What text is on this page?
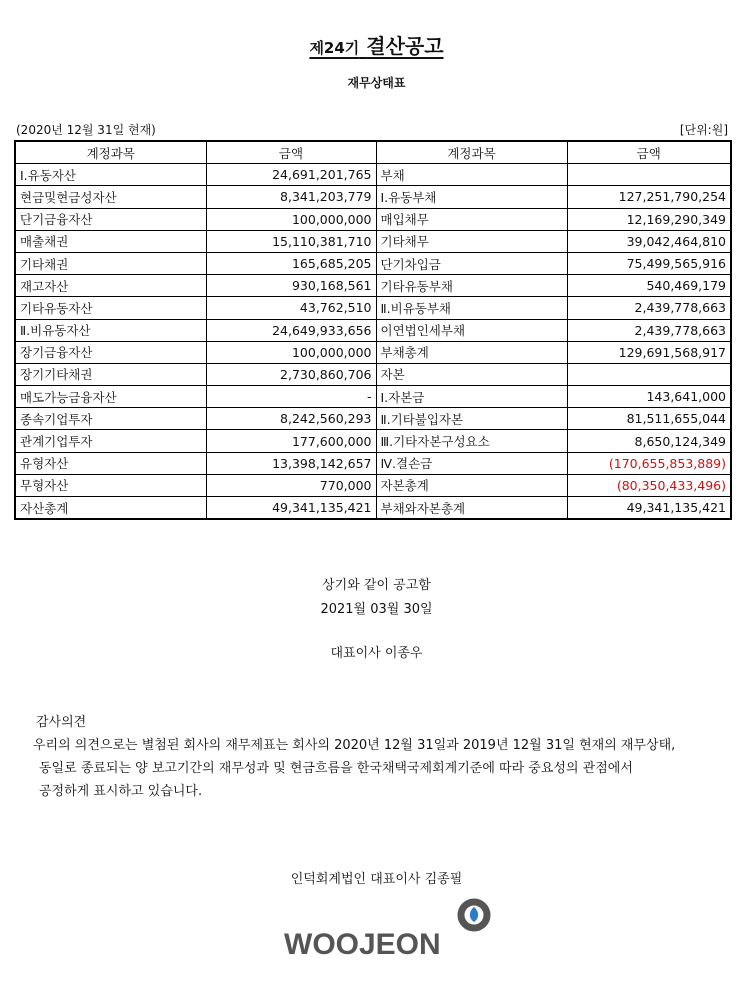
제24기 결산공고
재무상태표
(2020년 12월 31일 현재)	[단위:원]
계정과목	금액	계정과목	금액
Ⅰ.유동자산	24,691,201,765	부채	
현금및현금성자산	8,341,203,779	Ⅰ.유동부채	127,251,790,254
단기금융자산	100,000,000	매입채무	12,169,290,349
매출채권	15,110,381,710	기타채무	39,042,464,810
기타채권	165,685,205	단기차입금	75,499,565,916
재고자산	930,168,561	기타유동부채	540,469,179
기타유동자산	43,762,510	Ⅱ.비유동부채	2,439,778,663
Ⅱ.비유동자산	24,649,933,656	이연법인세부채	2,439,778,663
장기금융자산	100,000,000	부채총계	129,691,568,917
장기기타채권	2,730,860,706	자본	
매도가능금융자산	-	Ⅰ.자본금	143,641,000
종속기업투자	8,242,560,293	Ⅱ.기타불입자본	81,511,655,044
관계기업투자	177,600,000	Ⅲ.기타자본구성요소	8,650,124,349
유형자산	13,398,142,657	Ⅳ.결손금	(170,655,853,889)
무형자산	770,000	자본총계	(80,350,433,496)
자산총계	49,341,135,421	부채와자본총계	49,341,135,421
상기와 같이 공고함
2021월 03월 30일
대표이사 이종우
감사의견
우리의 의견으로는 별첨된 회사의 재무제표는 회사의 2020년 12월 31일과 2019년 12월 31일 현재의 재무상태,
동일로 종료되는 양 보고기간의 재무성과 및 현금흐름을 한국채택국제회계기준에 따라 중요성의 관점에서
공정하게 표시하고 있습니다.
인덕회계법인 대표이사 김종필
WOOJEON
